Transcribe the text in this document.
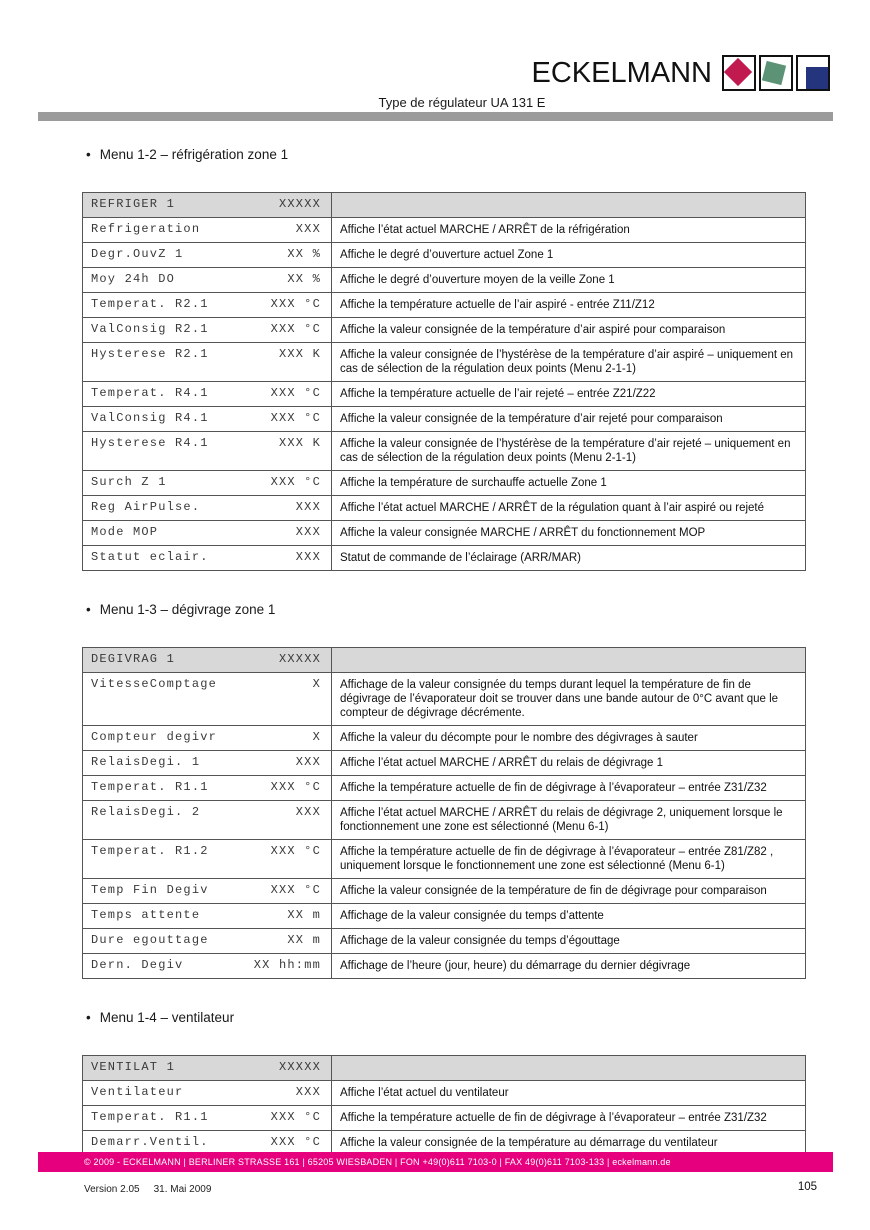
ECKELMANN
Type de régulateur UA 131 E
• Menu 1-2 – réfrigération zone 1
REFRIGER 1 XXXXX	

Refrigeration XXX	Affiche l’état actuel MARCHE / ARRÊT de la réfrigération

Degr.OuvZ 1 XX %	Affiche le degré d’ouverture actuel Zone 1

Moy 24h DO XX %	Affiche le degré d’ouverture moyen de la veille Zone 1

Temperat. R2.1 XXX °C	Affiche la température actuelle de l’air aspiré - entrée Z11/Z12

ValConsig R2.1 XXX °C	Affiche la valeur consignée de la température d’air aspiré pour comparaison

Hysterese R2.1 XXX K	Affiche la valeur consignée de l’hystérèse de la température d’air aspiré – uniquement en cas de sélection de la régulation deux points (Menu 2-1-1)

Temperat. R4.1 XXX °C	Affiche la température actuelle de l’air rejeté – entrée Z21/Z22

ValConsig R4.1 XXX °C	Affiche la valeur consignée de la température d’air rejeté pour comparaison

Hysterese R4.1 XXX K	Affiche la valeur consignée de l’hystérèse de la température d’air rejeté – uniquement en cas de sélection de la régulation deux points (Menu 2-1-1)

Surch Z 1 XXX °C	Affiche la température de surchauffe actuelle Zone 1

Reg AirPulse. XXX	Affiche l’état actuel MARCHE / ARRÊT de la régulation quant à l’air aspiré ou rejeté

Mode MOP XXX	Affiche la valeur consignée MARCHE / ARRÊT du fonctionnement MOP

Statut eclair. XXX	Statut de commande de l’éclairage (ARR/MAR)
• Menu 1-3 – dégivrage zone 1
DEGIVRAG 1 XXXXX	

VitesseComptage X	Affichage de la valeur consignée du temps durant lequel la température de fin de dégivrage de l’évaporateur doit se trouver dans une bande autour de 0°C avant que le compteur de dégivrage décrémente.

Compteur degivr X	Affiche la valeur du décompte pour le nombre des dégivrages à sauter

RelaisDegi. 1 XXX	Affiche l’état actuel MARCHE / ARRÊT du relais de dégivrage 1

Temperat. R1.1 XXX °C	Affiche la température actuelle de fin de dégivrage à l’évaporateur – entrée Z31/Z32

RelaisDegi. 2 XXX	Affiche l’état actuel MARCHE / ARRÊT du relais de dégivrage 2, uniquement lorsque le fonctionnement une zone est sélectionné (Menu 6-1)

Temperat. R1.2 XXX °C	Affiche la température actuelle de fin de dégivrage à l’évaporateur – entrée Z81/Z82 , uniquement lorsque le fonctionnement une zone est sélectionné (Menu 6-1)

Temp Fin Degiv XXX °C	Affiche la valeur consignée de la température de fin de dégivrage pour comparaison

Temps attente XX m	Affichage de la valeur consignée du temps d’attente

Dure egouttage XX m	Affichage de la valeur consignée du temps d’égouttage

Dern. Degiv XX hh:mm	Affichage de l’heure (jour, heure) du démarrage du dernier dégivrage
• Menu 1-4 – ventilateur
VENTILAT 1 XXXXX	

Ventilateur XXX	Affiche l’état actuel du ventilateur

Temperat. R1.1 XXX °C	Affiche la température actuelle de fin de dégivrage à l’évaporateur – entrée Z31/Z32

Demarr.Ventil. XXX °C	Affiche la valeur consignée de la température au démarrage du ventilateur
© 2009 - ECKELMANN | BERLINER STRASSE 161 | 65205 WIESBADEN | FON +49(0)611 7103-0 | FAX 49(0)611 7103-133 | eckelmann.de
Version 2.05 31. Mai 2009	105
